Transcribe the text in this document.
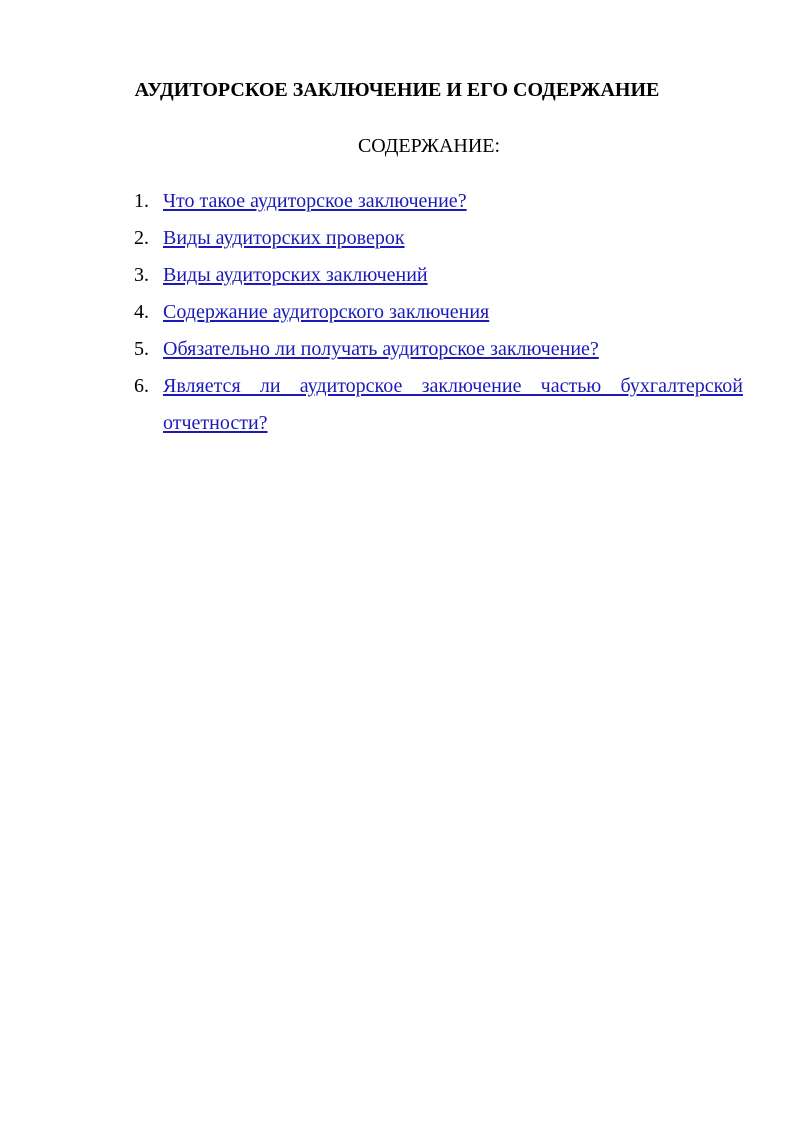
АУДИТОРСКОЕ ЗАКЛЮЧЕНИЕ И ЕГО СОДЕРЖАНИЕ
СОДЕРЖАНИЕ:
1. Что такое аудиторское заключение?
2. Виды аудиторских проверок
3. Виды аудиторских заключений
4. Содержание аудиторского заключения
5. Обязательно ли получать аудиторское заключение?
6. Является ли аудиторское заключение частью бухгалтерской отчетности?
